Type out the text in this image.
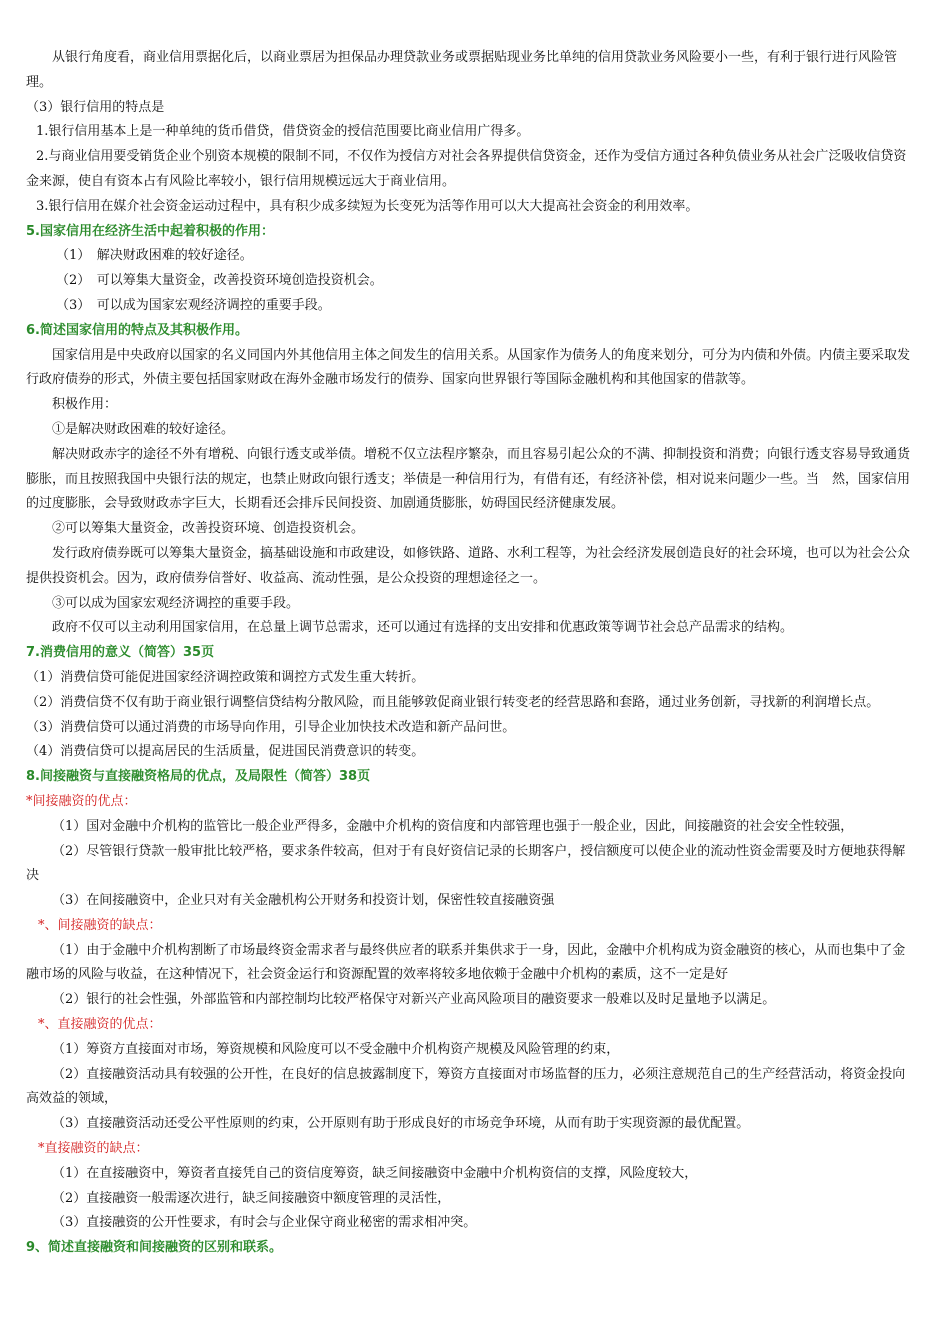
从银行角度看，商业信用票据化后，以商业票居为担保品办理贷款业务或票据贴现业务比单纯的信用贷款业务风险要小一些，有利于银行进行风险管理。

（3）银行信用的特点是

1.银行信用基本上是一种单纯的货币借贷，借贷资金的授信范围要比商业信用广得多。

2.与商业信用要受销货企业个别资本规模的限制不同，不仅作为授信方对社会各界提供信贷资金，还作为受信方通过各种负债业务从社会广泛吸收信贷资金来源，使自有资本占有风险比率较小，银行信用规模远远大于商业信用。

3.银行信用在媒介社会资金运动过程中，具有积少成多续短为长变死为活等作用可以大大提高社会资金的利用效率。

5.国家信用在经济生活中起着积极的作用：

（1）　解决财政困难的较好途径。

（2）　可以筹集大量资金，改善投资环境创造投资机会。

（3）　可以成为国家宏观经济调控的重要手段。

6.简述国家信用的特点及其积极作用。

国家信用是中央政府以国家的名义同国内外其他信用主体之间发生的信用关系。从国家作为债务人的角度来划分，可分为内债和外债。内债主要采取发行政府债券的形式，外债主要包括国家财政在海外金融市场发行的债券、国家向世界银行等国际金融机构和其他国家的借款等。

积极作用：

①是解决财政困难的较好途径。

解决财政赤字的途径不外有增税、向银行透支或举债。增税不仅立法程序繁杂，而且容易引起公众的不满、抑制投资和消费；向银行透支容易导致通货膨胀，而且按照我国中央银行法的规定，也禁止财政向银行透支；举债是一种信用行为，有借有还，有经济补偿，相对说来问题少一些。当　然，国家信用的过度膨胀，会导致财政赤字巨大，长期看还会排斥民间投资、加剧通货膨胀，妨碍国民经济健康发展。

②可以筹集大量资金，改善投资环境、创造投资机会。

发行政府债券既可以筹集大量资金，搞基础设施和市政建设，如修铁路、道路、水利工程等，为社会经济发展创造良好的社会环境，也可以为社会公众提供投资机会。因为，政府债券信誉好、收益高、流动性强，是公众投资的理想途径之一。

③可以成为国家宏观经济调控的重要手段。

政府不仅可以主动利用国家信用，在总量上调节总需求，还可以通过有选择的支出安排和优惠政策等调节社会总产品需求的结构。

7.消费信用的意义（简答）35页

（1）消费信贷可能促进国家经济调控政策和调控方式发生重大转折。

（2）消费信贷不仅有助于商业银行调整信贷结构分散风险，而且能够敦促商业银行转变老的经营思路和套路，通过业务创新，寻找新的利润增长点。

（3）消费信贷可以通过消费的市场导向作用，引导企业加快技术改造和新产品问世。

（4）消费信贷可以提高居民的生活质量，促进国民消费意识的转变。

8.间接融资与直接融资格局的优点，及局限性（简答）38页

*间接融资的优点：

（1）国对金融中介机构的监管比一般企业严得多，金融中介机构的资信度和内部管理也强于一般企业，因此，间接融资的社会安全性较强，

（2）尽管银行贷款一般审批比较严格，要求条件较高，但对于有良好资信记录的长期客户，授信额度可以使企业的流动性资金需要及时方便地获得解决

（3）在间接融资中，企业只对有关金融机构公开财务和投资计划，保密性较直接融资强

*、间接融资的缺点：

（1）由于金融中介机构割断了市场最终资金需求者与最终供应者的联系并集供求于一身，因此，金融中介机构成为资金融资的核心，从而也集中了金融市场的风险与收益，在这种情况下，社会资金运行和资源配置的效率将较多地依赖于金融中介机构的素质，这不一定是好

（2）银行的社会性强，外部监管和内部控制均比较严格保守对新兴产业高风险项目的融资要求一般难以及时足量地予以满足。

*、直接融资的优点：

（1）筹资方直接面对市场，筹资规模和风险度可以不受金融中介机构资产规模及风险管理的约束，

（2）直接融资活动具有较强的公开性，在良好的信息披露制度下，筹资方直接面对市场监督的压力，必须注意规范自己的生产经营活动，将资金投向高效益的领域，

（3）直接融资活动还受公平性原则的约束，公开原则有助于形成良好的市场竞争环境，从而有助于实现资源的最优配置。

*直接融资的缺点：

（1）在直接融资中，筹资者直接凭自己的资信度筹资，缺乏间接融资中金融中介机构资信的支撑，风险度较大，

（2）直接融资一般需逐次进行，缺乏间接融资中额度管理的灵活性，

（3）直接融资的公开性要求，有时会与企业保守商业秘密的需求相冲突。

9、简述直接融资和间接融资的区别和联系。
